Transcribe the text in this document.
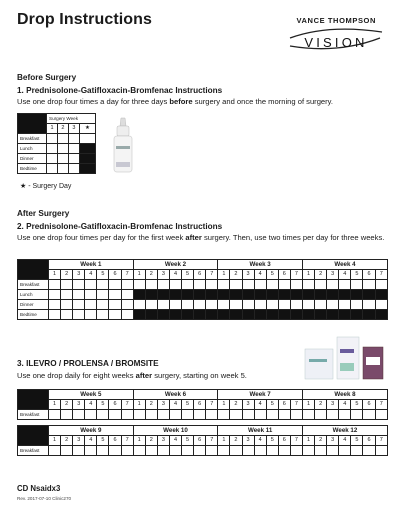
Drop Instructions	VANCE THOMPSON
VISION
Before Surgery
1. Prednisolone-Gatifloxacin-Bromfenac Instructions
Use one drop four times a day for three days before surgery and once the morning of surgery.
	Surgery Week			
	1	2	3	★
Breakfast				
Lunch				
Dinner				
Bedtime				
★ - Surgery Day
After Surgery
2. Prednisolone-Gatifloxacin-Bromfenac Instructions
Use one drop four times per day for the first week after surgery. Then, use two times per day for three weeks.
	Week 1							Week 2							Week 3							Week 4						
	1	2	3	4	5	6	7	1	2	3	4	5	6	7	1	2	3	4	5	6	7	1	2	3	4	5	6	7
Breakfast																												
Lunch																												
Dinner																												
Bedtime																												
3. ILEVRO / PROLENSA / BROMSITE
Use one drop daily for eight weeks after surgery, starting on week 5.
	Week 5							Week 6							Week 7							Week 8						
	1	2	3	4	5	6	7	1	2	3	4	5	6	7	1	2	3	4	5	6	7	1	2	3	4	5	6	7
Breakfast																												
	Week 9							Week 10							Week 11							Week 12						
	1	2	3	4	5	6	7	1	2	3	4	5	6	7	1	2	3	4	5	6	7	1	2	3	4	5	6	7
Breakfast																												
CD Nsaidx3
Rev. 2017-07-10 Clinic270
